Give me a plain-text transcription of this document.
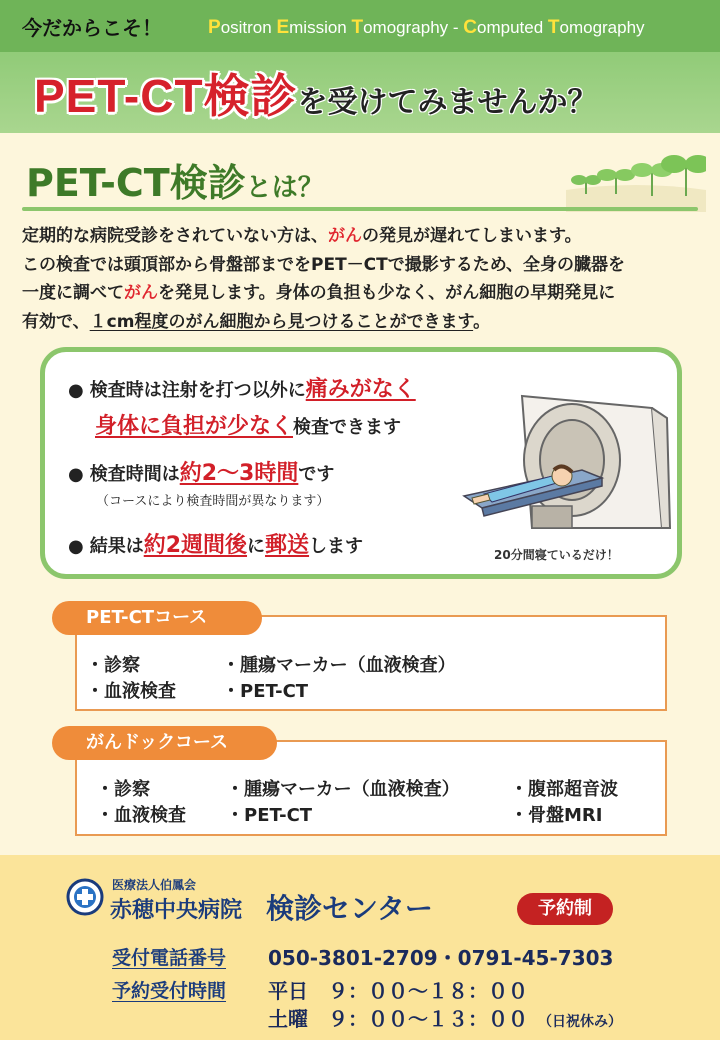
今だからこそ！ Positron Emission Tomography - Computed Tomography
PET-CT検診を受けてみませんか？
PET-CT検診とは？
定期的な病院受診をされていない方は、がんの発見が遅れてしまいます。
この検査では頭頂部から骨盤部までをPET－CTで撮影するため、全身の臓器を
一度に調べてがんを発見します。身体の負担も少なく、がん細胞の早期発見に
有効で、１cm程度のがん細胞から見つけることができます。
● 検査時は注射を打つ以外に痛みがなく
身体に負担が少なく検査できます
● 検査時間は約2～3時間です
（コースにより検査時間が異なります）
● 結果は約2週間後に郵送します	20分間寝ているだけ！
PET-CTコース
・診察	・腫瘍マーカー（血液検査）
・血液検査	・PET-CT
がんドックコース
・診察	・腫瘍マーカー（血液検査）	・腹部超音波
・血液検査 ・PET-CT	・骨盤MRI
医療法人伯鳳会
赤穂中央病院 検診センター	予約制
受付電話番号 050-3801-2709・0791-45-7303
予約受付時間 平日　９：００～１８：００
土曜　９：００～１３：００ （日祝休み）
